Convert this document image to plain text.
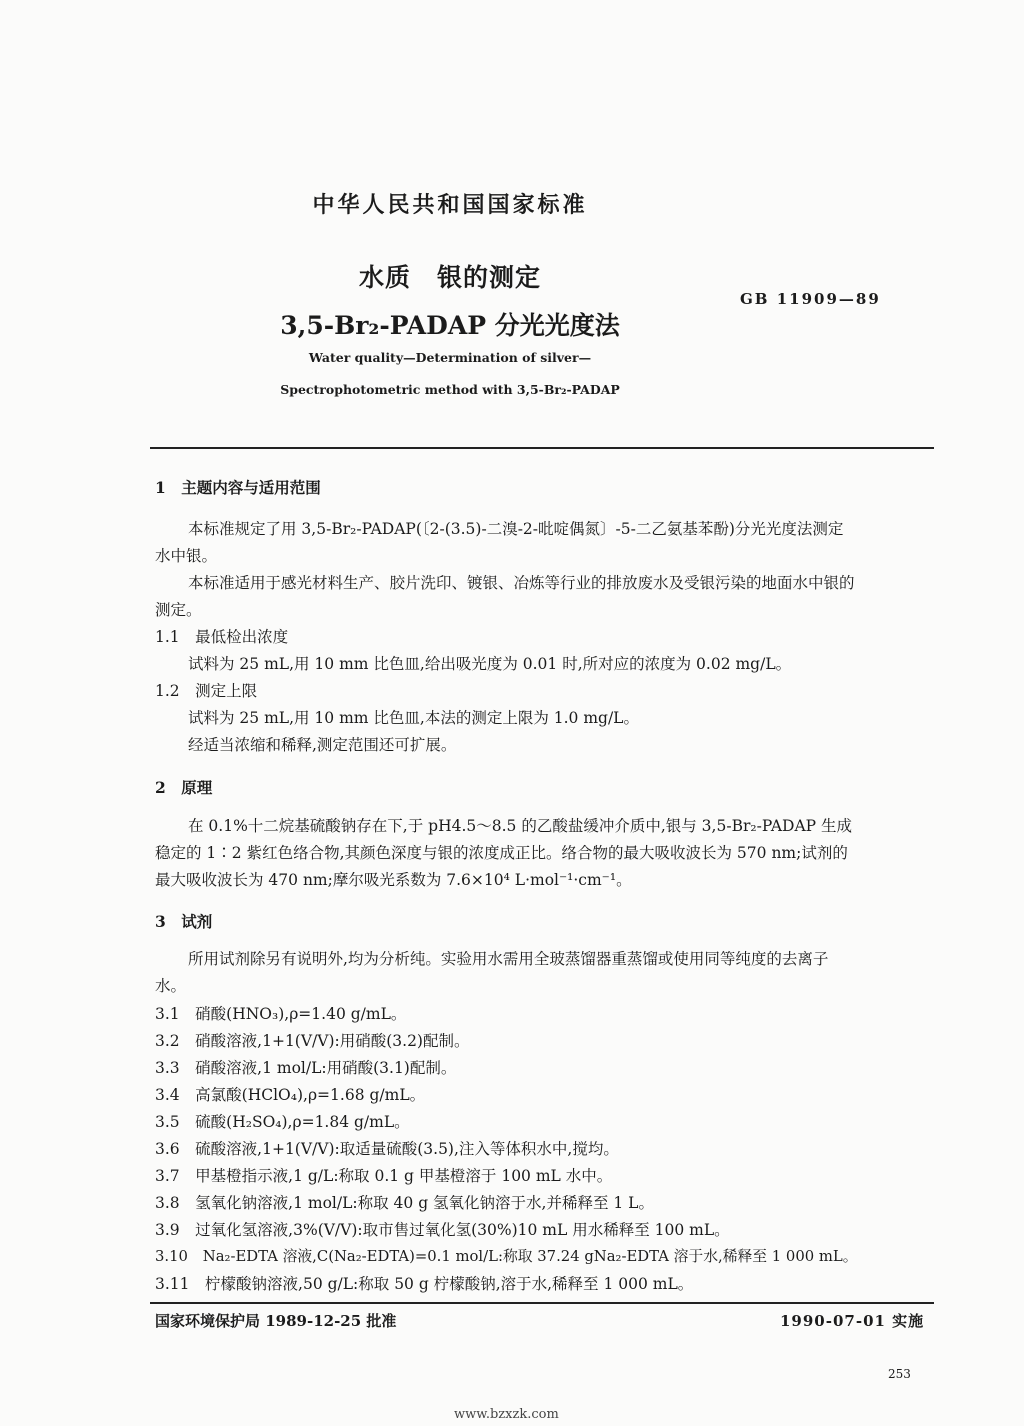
中华人民共和国国家标准
水质　银的测定
3,5-Br₂-PADAP 分光光度法
GB 11909—89
Water quality—Determination of silver—
Spectrophotometric method with 3,5-Br₂-PADAP
1　主题内容与适用范围
本标准规定了用 3,5-Br₂-PADAP(〔2-(3.5)-二溴-2-吡啶偶氮〕-5-二乙氨基苯酚)分光光度法测定
水中银。
本标准适用于感光材料生产、胶片洗印、镀银、冶炼等行业的排放废水及受银污染的地面水中银的
测定。
1.1　最低检出浓度
试料为 25 mL,用 10 mm 比色皿,给出吸光度为 0.01 时,所对应的浓度为 0.02 mg/L。
1.2　测定上限
试料为 25 mL,用 10 mm 比色皿,本法的测定上限为 1.0 mg/L。
经适当浓缩和稀释,测定范围还可扩展。
2　原理
在 0.1%十二烷基硫酸钠存在下,于 pH4.5～8.5 的乙酸盐缓冲介质中,银与 3,5-Br₂-PADAP 生成
稳定的 1∶2 紫红色络合物,其颜色深度与银的浓度成正比。络合物的最大吸收波长为 570 nm;试剂的
最大吸收波长为 470 nm;摩尔吸光系数为 7.6×10⁴ L·mol⁻¹·cm⁻¹。
3　试剂
所用试剂除另有说明外,均为分析纯。实验用水需用全玻蒸馏器重蒸馏或使用同等纯度的去离子
水。
3.1　 硝酸(HNO₃),ρ=1.40 g/mL。
3.2　 硝酸溶液,1+1(V/V):用硝酸(3.2)配制。
3.3　 硝酸溶液,1 mol/L:用硝酸(3.1)配制。
3.4　 高氯酸(HClO₄),ρ=1.68 g/mL。
3.5　 硫酸(H₂SO₄),ρ=1.84 g/mL。
3.6　 硫酸溶液,1+1(V/V):取适量硫酸(3.5),注入等体积水中,搅均。
3.7　 甲基橙指示液,1 g/L:称取 0.1 g 甲基橙溶于 100 mL 水中。
3.8　 氢氧化钠溶液,1 mol/L:称取 40 g 氢氧化钠溶于水,并稀释至 1 L。
3.9　 过氧化氢溶液,3%(V/V):取市售过氧化氢(30%)10 mL 用水稀释至 100 mL。
3.10　 Na₂-EDTA 溶液,C(Na₂-EDTA)=0.1 mol/L:称取 37.24 gNa₂-EDTA 溶于水,稀释至 1 000 mL。
3.11　 柠檬酸钠溶液,50 g/L:称取 50 g 柠檬酸钠,溶于水,稀释至 1 000 mL。
国家环境保护局 1989-12-25 批准	1990-07-01 实施
253
www.bzxzk.com
